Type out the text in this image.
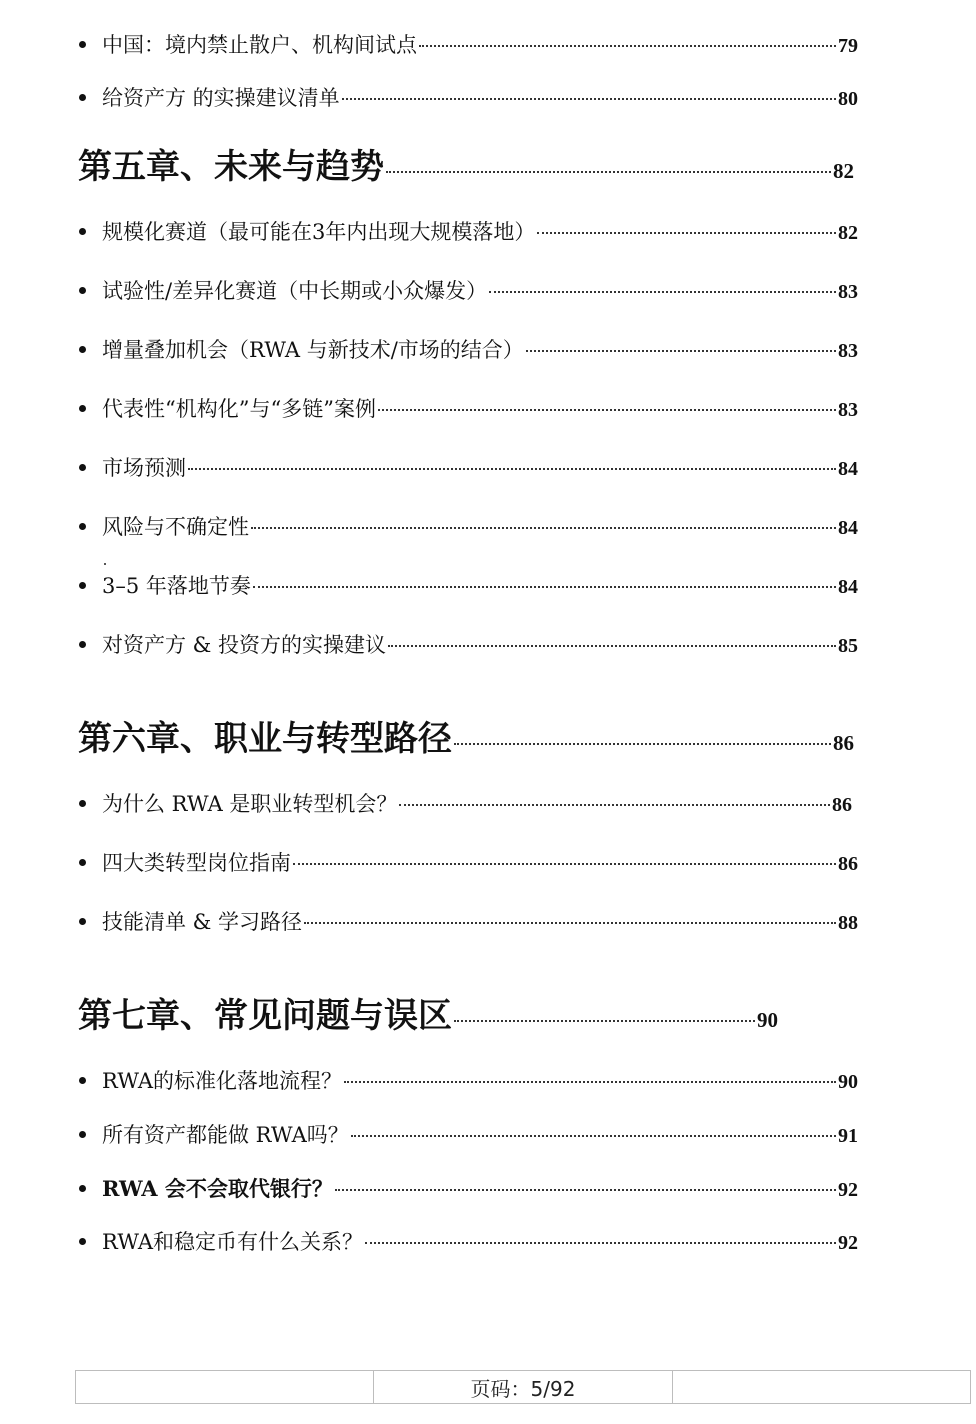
中国：境内禁止散户、机构间试点	79
给资产方 的实操建议清单	80
第五章、未来与趋势	82
规模化赛道（最可能在3年内出现大规模落地）	82
试验性/差异化赛道（中长期或小众爆发）	83
增量叠加机会（RWA 与新技术/市场的结合）	83
代表性“机构化”与“多链”案例	83
市场预测	84
风险与不确定性	84
3–5 年落地节奏	84
对资产方 & 投资方的实操建议	85
第六章、职业与转型路径	86
为什么 RWA 是职业转型机会？	86
四大类转型岗位指南	86
技能清单 & 学习路径	88
第七章、常见问题与误区	90
RWA的标准化落地流程？	90
所有资产都能做 RWA吗？	91
RWA 会不会取代银行？	92
RWA和稳定币有什么关系？	92
页码：5/92
